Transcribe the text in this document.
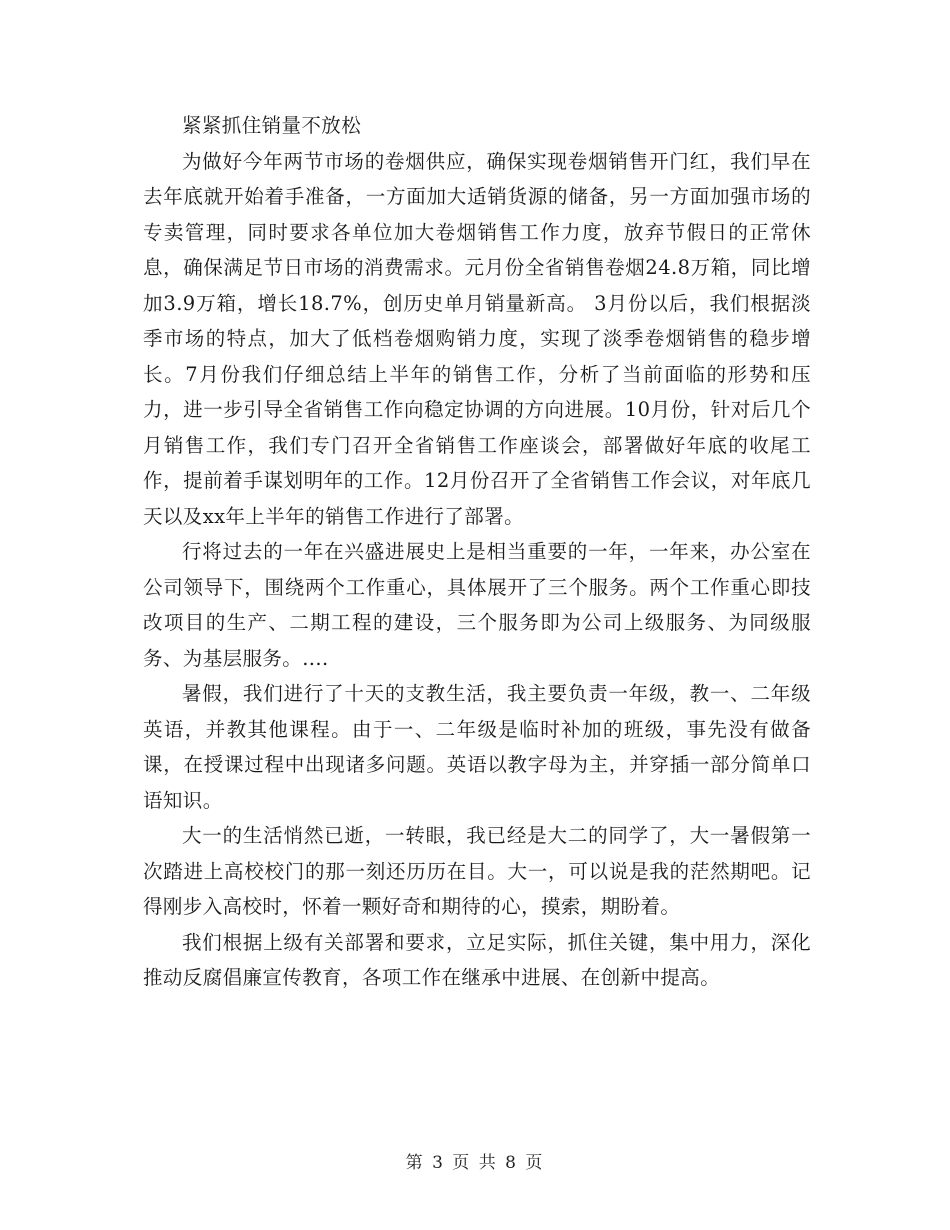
紧紧抓住销量不放松

为做好今年两节市场的卷烟供应，确保实现卷烟销售开门红，我们早在去年底就开始着手准备，一方面加大适销货源的储备，另一方面加强市场的专卖管理，同时要求各单位加大卷烟销售工作力度，放弃节假日的正常休息，确保满足节日市场的消费需求。元月份全省销售卷烟24.8万箱，同比增加3.9万箱，增长18.7%，创历史单月销量新高。 3月份以后，我们根据淡季市场的特点，加大了低档卷烟购销力度，实现了淡季卷烟销售的稳步增长。7月份我们仔细总结上半年的销售工作，分析了当前面临的形势和压力，进一步引导全省销售工作向稳定协调的方向进展。10月份，针对后几个月销售工作，我们专门召开全省销售工作座谈会，部署做好年底的收尾工作，提前着手谋划明年的工作。12月份召开了全省销售工作会议，对年底几天以及xx年上半年的销售工作进行了部署。

行将过去的一年在兴盛进展史上是相当重要的一年，一年来，办公室在公司领导下，围绕两个工作重心，具体展开了三个服务。两个工作重心即技改项目的生产、二期工程的建设，三个服务即为公司上级服务、为同级服务、为基层服务。....

暑假，我们进行了十天的支教生活，我主要负责一年级，教一、二年级英语，并教其他课程。由于一、二年级是临时补加的班级，事先没有做备课，在授课过程中出现诸多问题。英语以教字母为主，并穿插一部分简单口语知识。

大一的生活悄然已逝，一转眼，我已经是大二的同学了，大一暑假第一次踏进上高校校门的那一刻还历历在目。大一，可以说是我的茫然期吧。记得刚步入高校时，怀着一颗好奇和期待的心，摸索，期盼着。

我们根据上级有关部署和要求，立足实际，抓住关键，集中用力，深化推动反腐倡廉宣传教育，各项工作在继承中进展、在创新中提高。

第 3 页 共 8 页
